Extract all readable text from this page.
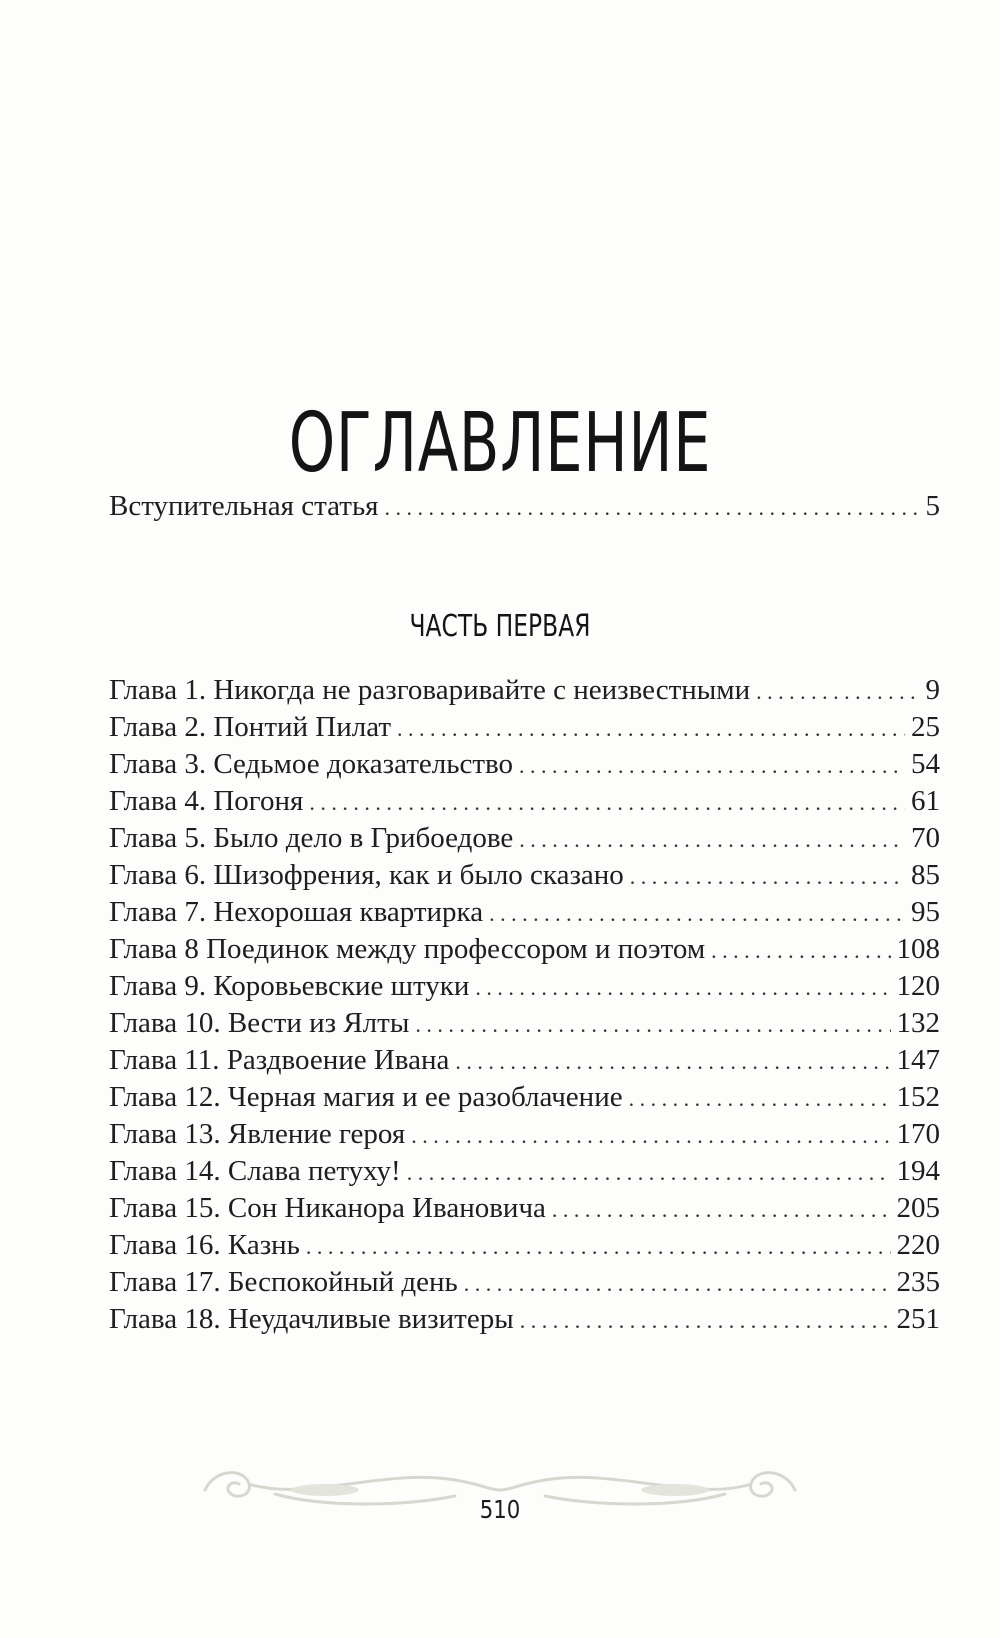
ОГЛАВЛЕНИЕ
Вступительная статья . . .	5
ЧАСТЬ ПЕРВАЯ
Глава 1. Никогда не разговаривайте с неизвестными . . .	9
Глава 2. Понтий Пилат . . .	25
Глава 3. Седьмое доказательство . . .	54
Глава 4. Погоня . . .	61
Глава 5. Было дело в Грибоедове . . .	70
Глава 6. Шизофрения, как и было сказано . . .	85
Глава 7. Нехорошая квартирка . . .	95
Глава 8 Поединок между профессором и поэтом . . .	108
Глава 9. Коровьевские штуки . . .	120
Глава 10. Вести из Ялты . . .	132
Глава 11. Раздвоение Ивана . . .	147
Глава 12. Черная магия и ее разоблачение . . .	152
Глава 13. Явление героя . . .	170
Глава 14. Слава петуху! . . .	194
Глава 15. Сон Никанора Ивановича . . .	205
Глава 16. Казнь . . .	220
Глава 17. Беспокойный день . . .	235
Глава 18. Неудачливые визитеры . . .	251
510
